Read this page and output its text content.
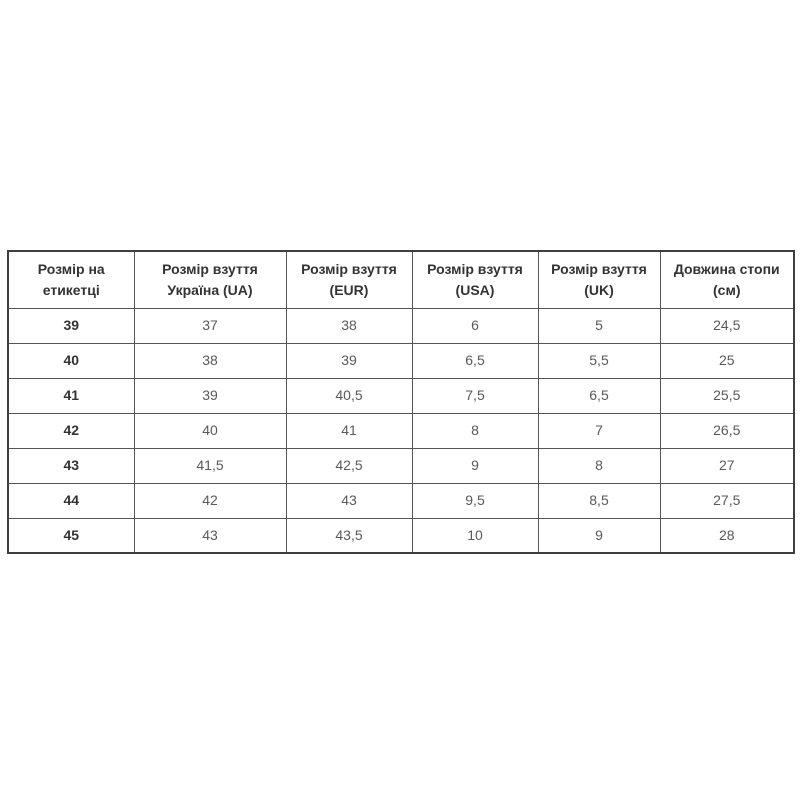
Розмір на етикетці	Розмір взуття Україна (UA)	Розмір взуття (EUR)	Розмір взуття (USA)	Розмір взуття (UK)	Довжина стопи (см)
39	37	38	6	5	24,5
40	38	39	6,5	5,5	25
41	39	40,5	7,5	6,5	25,5
42	40	41	8	7	26,5
43	41,5	42,5	9	8	27
44	42	43	9,5	8,5	27,5
45	43	43,5	10	9	28
